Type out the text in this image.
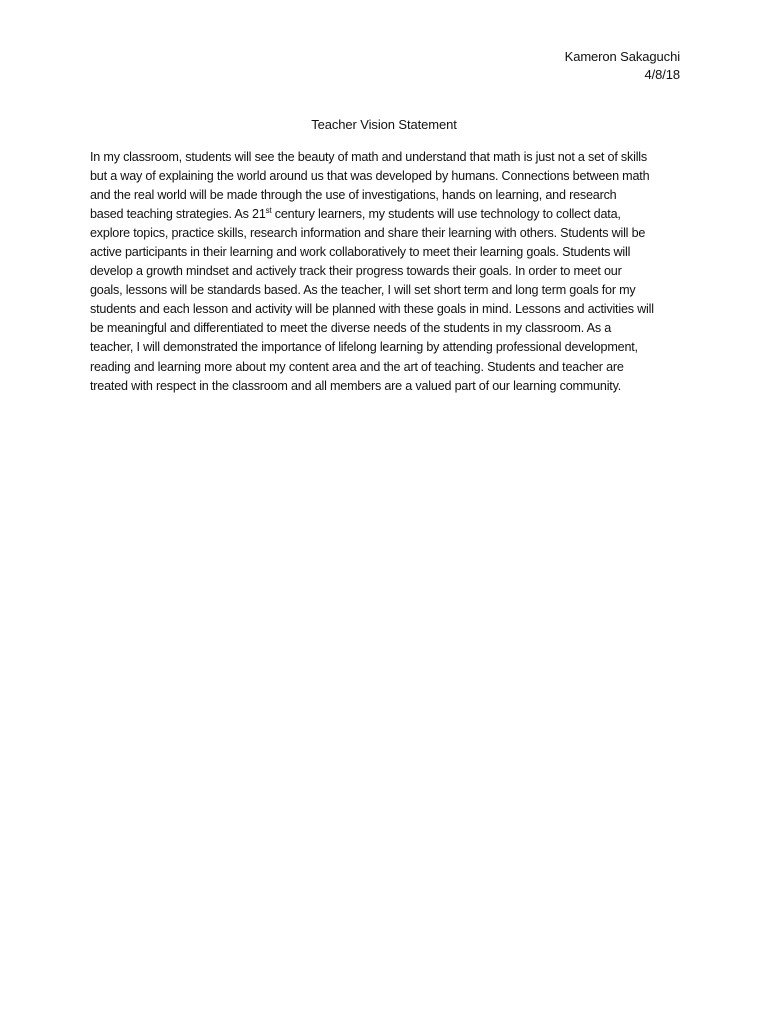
Kameron Sakaguchi
4/8/18
Teacher Vision Statement
In my classroom, students will see the beauty of math and understand that math is just not a set of skills
but a way of explaining the world around us that was developed by humans. Connections between math
and the real world will be made through the use of investigations, hands on learning, and research
based teaching strategies. As 21st century learners, my students will use technology to collect data,
explore topics, practice skills, research information and share their learning with others. Students will be
active participants in their learning and work collaboratively to meet their learning goals. Students will
develop a growth mindset and actively track their progress towards their goals. In order to meet our
goals, lessons will be standards based. As the teacher, I will set short term and long term goals for my
students and each lesson and activity will be planned with these goals in mind. Lessons and activities will
be meaningful and differentiated to meet the diverse needs of the students in my classroom. As a
teacher, I will demonstrated the importance of lifelong learning by attending professional development,
reading and learning more about my content area and the art of teaching. Students and teacher are
treated with respect in the classroom and all members are a valued part of our learning community.
